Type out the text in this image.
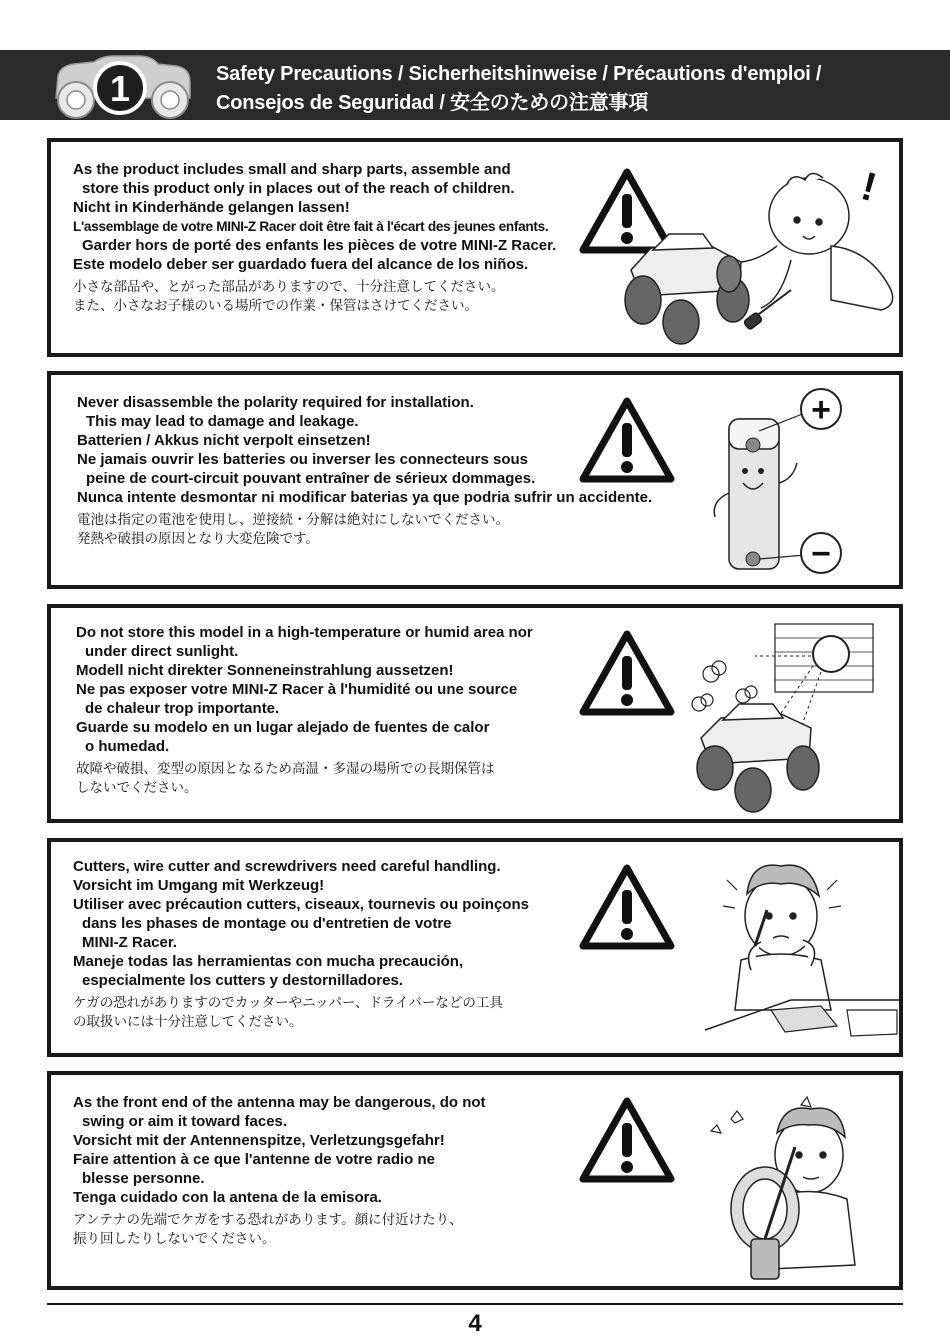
1	Safety Precautions / Sicherheitshinweise / Précautions d'emploi /
Consejos de Seguridad / 安全のための注意事項
As the product includes small and sharp parts, assemble and
store this product only in places out of the reach of children.
Nicht in Kinderhände gelangen lassen!
L'assemblage de votre MINI-Z Racer doit être fait à l'écart des jeunes enfants.
Garder hors de porté des enfants les pièces de votre MINI-Z Racer.
Este modelo deber ser guardado fuera del alcance de los niños.
小さな部品や、とがった部品がありますので、十分注意してください。
また、小さなお子様のいる場所での作業・保管はさけてください。
!
Never disassemble the polarity required for installation.
This may lead to damage and leakage.
Batterien / Akkus nicht verpolt einsetzen!
Ne jamais ouvrir les batteries ou inverser les connecteurs sous
peine de court-circuit pouvant entraîner de sérieux dommages.
Nunca intente desmontar ni modificar baterias ya que podria sufrir un accidente.
電池は指定の電池を使用し、逆接続・分解は絶対にしないでください。
発熱や破損の原因となり大変危険です。
+
−
Do not store this model in a high-temperature or humid area nor
under direct sunlight.
Modell nicht direkter Sonneneinstrahlung aussetzen!
Ne pas exposer votre MINI-Z Racer à l'humidité ou une source
de chaleur trop importante.
Guarde su modelo en un lugar alejado de fuentes de calor
o humedad.
故障や破損、変型の原因となるため高温・多湿の場所での長期保管は
しないでください。
Cutters, wire cutter and screwdrivers need careful handling.
Vorsicht im Umgang mit Werkzeug!
Utiliser avec précaution cutters, ciseaux, tournevis ou poinçons
dans les phases de montage ou d'entretien de votre
MINI-Z Racer.
Maneje todas las herramientas con mucha precaución,
especialmente los cutters y destornilladores.
ケガの恐れがありますのでカッターやニッパー、ドライバーなどの工具
の取扱いには十分注意してください。
As the front end of the antenna may be dangerous, do not
swing or aim it toward faces.
Vorsicht mit der Antennenspitze, Verletzungsgefahr!
Faire attention à ce que l'antenne de votre radio ne
blesse personne.
Tenga cuidado con la antena de la emisora.
アンテナの先端でケガをする恐れがあります。顔に付近けたり、
振り回したりしないでください。
4
